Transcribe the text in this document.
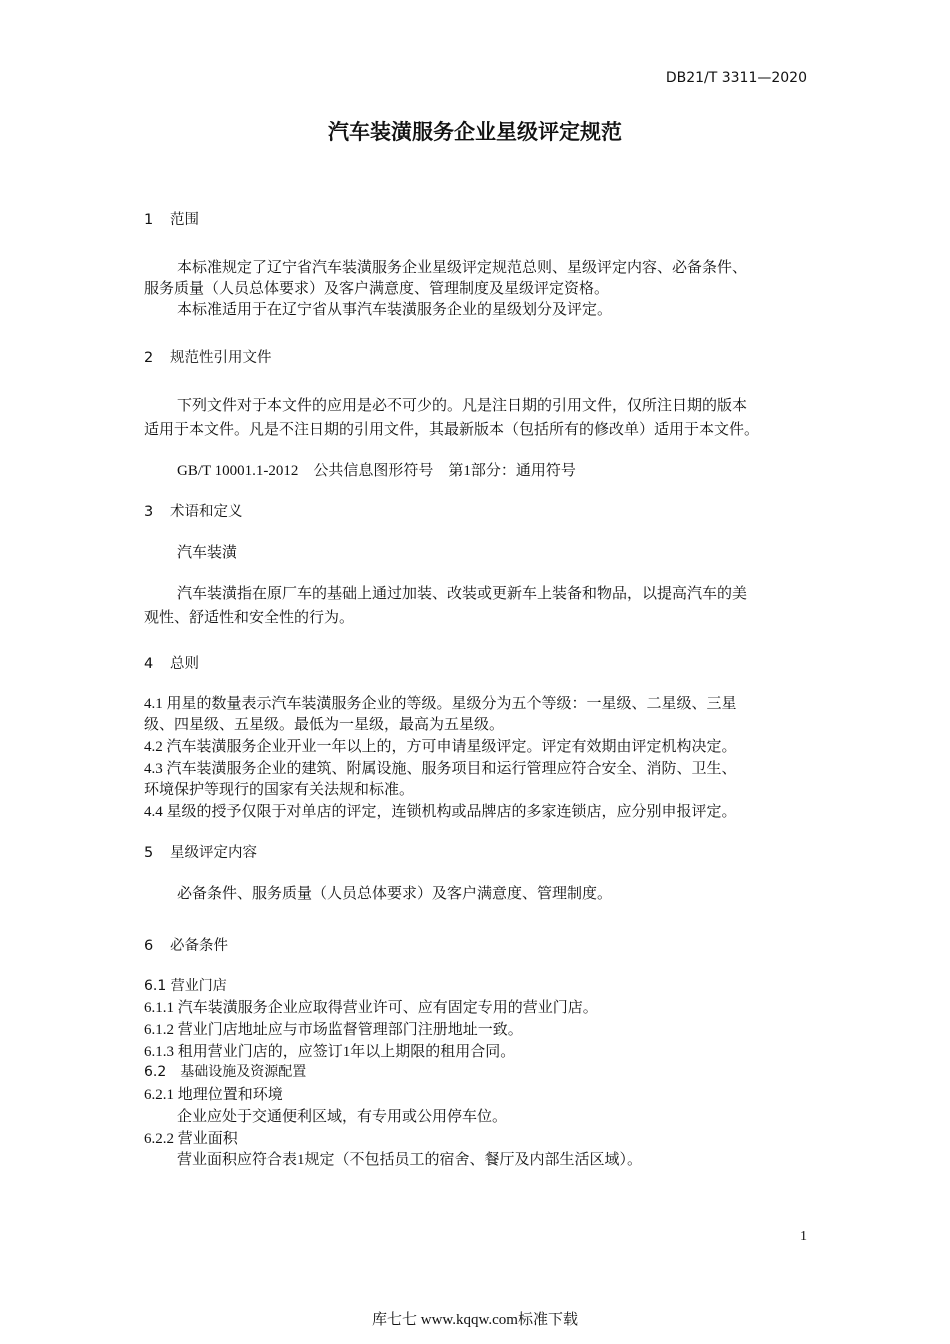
DB21/T 3311—2020
汽车装潢服务企业星级评定规范
1 范围
本标准规定了辽宁省汽车装潢服务企业星级评定规范总则、星级评定内容、必备条件、
服务质量（人员总体要求）及客户满意度、管理制度及星级评定资格。
本标准适用于在辽宁省从事汽车装潢服务企业的星级划分及评定。
2 规范性引用文件
下列文件对于本文件的应用是必不可少的。凡是注日期的引用文件，仅所注日期的版本
适用于本文件。凡是不注日期的引用文件，其最新版本（包括所有的修改单）适用于本文件。
GB/T 10001.1-2012　公共信息图形符号　第1部分：通用符号
3 术语和定义
汽车装潢
汽车装潢指在原厂车的基础上通过加装、改装或更新车上装备和物品，以提高汽车的美
观性、舒适性和安全性的行为。
4 总则
4.1 用星的数量表示汽车装潢服务企业的等级。星级分为五个等级：一星级、二星级、三星
级、四星级、五星级。最低为一星级，最高为五星级。
4.2 汽车装潢服务企业开业一年以上的，方可申请星级评定。评定有效期由评定机构决定。
4.3 汽车装潢服务企业的建筑、附属设施、服务项目和运行管理应符合安全、消防、卫生、
环境保护等现行的国家有关法规和标准。
4.4 星级的授予仅限于对单店的评定，连锁机构或品牌店的多家连锁店，应分别申报评定。
5 星级评定内容
必备条件、服务质量（人员总体要求）及客户满意度、管理制度。
6 必备条件
6.1 营业门店
6.1.1 汽车装潢服务企业应取得营业许可、应有固定专用的营业门店。
6.1.2 营业门店地址应与市场监督管理部门注册地址一致。
6.1.3 租用营业门店的，应签订1年以上期限的租用合同。
6.2　基础设施及资源配置
6.2.1 地理位置和环境
企业应处于交通便利区域，有专用或公用停车位。
6.2.2 营业面积
营业面积应符合表1规定（不包括员工的宿舍、餐厅及内部生活区域）。
1
库七七 www.kqqw.com标准下载
